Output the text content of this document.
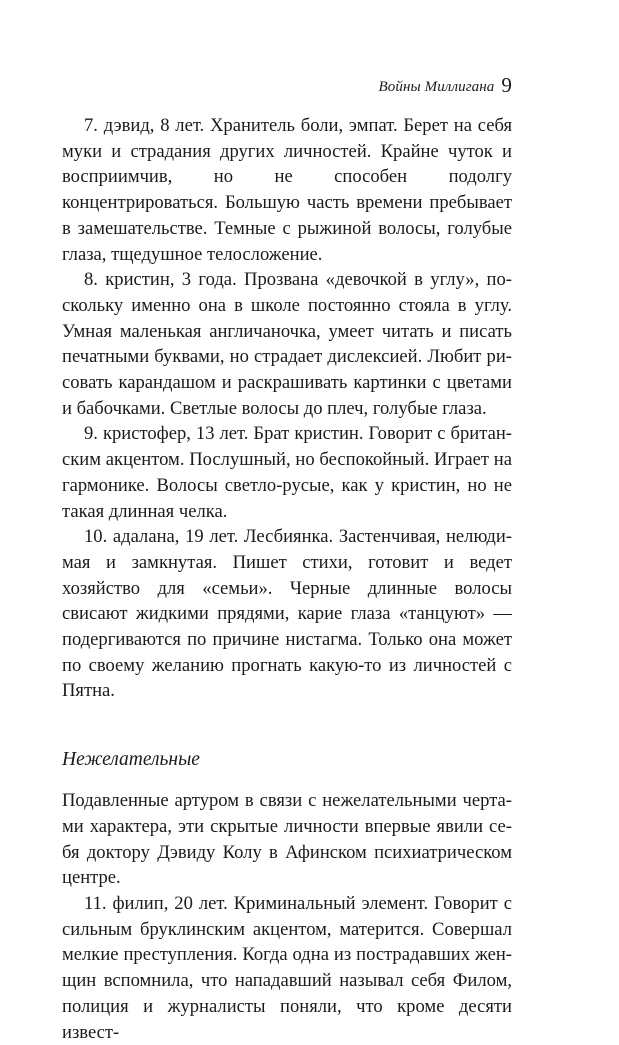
Войны Миллигана 9

7. дэвид, 8 лет. Хранитель боли, эмпат. Берет на себя муки и страдания других личностей. Крайне чуток и восприимчив, но не способен подолгу концентрироваться. Большую часть времени пребывает в замешательстве. Темные с рыжиной волосы, голубые глаза, тщедушное телосложение.

8. кристин, 3 года. Прозвана «девочкой в углу», поскольку именно она в школе постоянно стояла в углу. Умная маленькая англичаночка, умеет читать и писать печатными буквами, но страдает дислексией. Любит рисовать карандашом и раскрашивать картинки с цветами и бабочками. Светлые волосы до плеч, голубые глаза.

9. кристофер, 13 лет. Брат кристин. Говорит с британским акцентом. Послушный, но беспокойный. Играет на гармонике. Волосы светло-русые, как у кристин, но не такая длинная челка.

10. адалана, 19 лет. Лесбиянка. Застенчивая, нелюдимая и замкнутая. Пишет стихи, готовит и ведет хозяйство для «семьи». Черные длинные волосы свисают жидкими прядями, карие глаза «танцуют» — подергиваются по причине нистагма. Только она может по своему желанию прогнать какую-то из личностей с Пятна.

Нежелательные

Подавленные артуром в связи с нежелательными чертами характера, эти скрытые личности впервые явили себя доктору Дэвиду Колу в Афинском психиатрическом центре.

11. филип, 20 лет. Криминальный элемент. Говорит с сильным бруклинским акцентом, матерится. Совершал мелкие преступления. Когда одна из пострадавших женщин вспомнила, что нападавший называл себя Филом, полиция и журналисты поняли, что кроме десяти извест-
